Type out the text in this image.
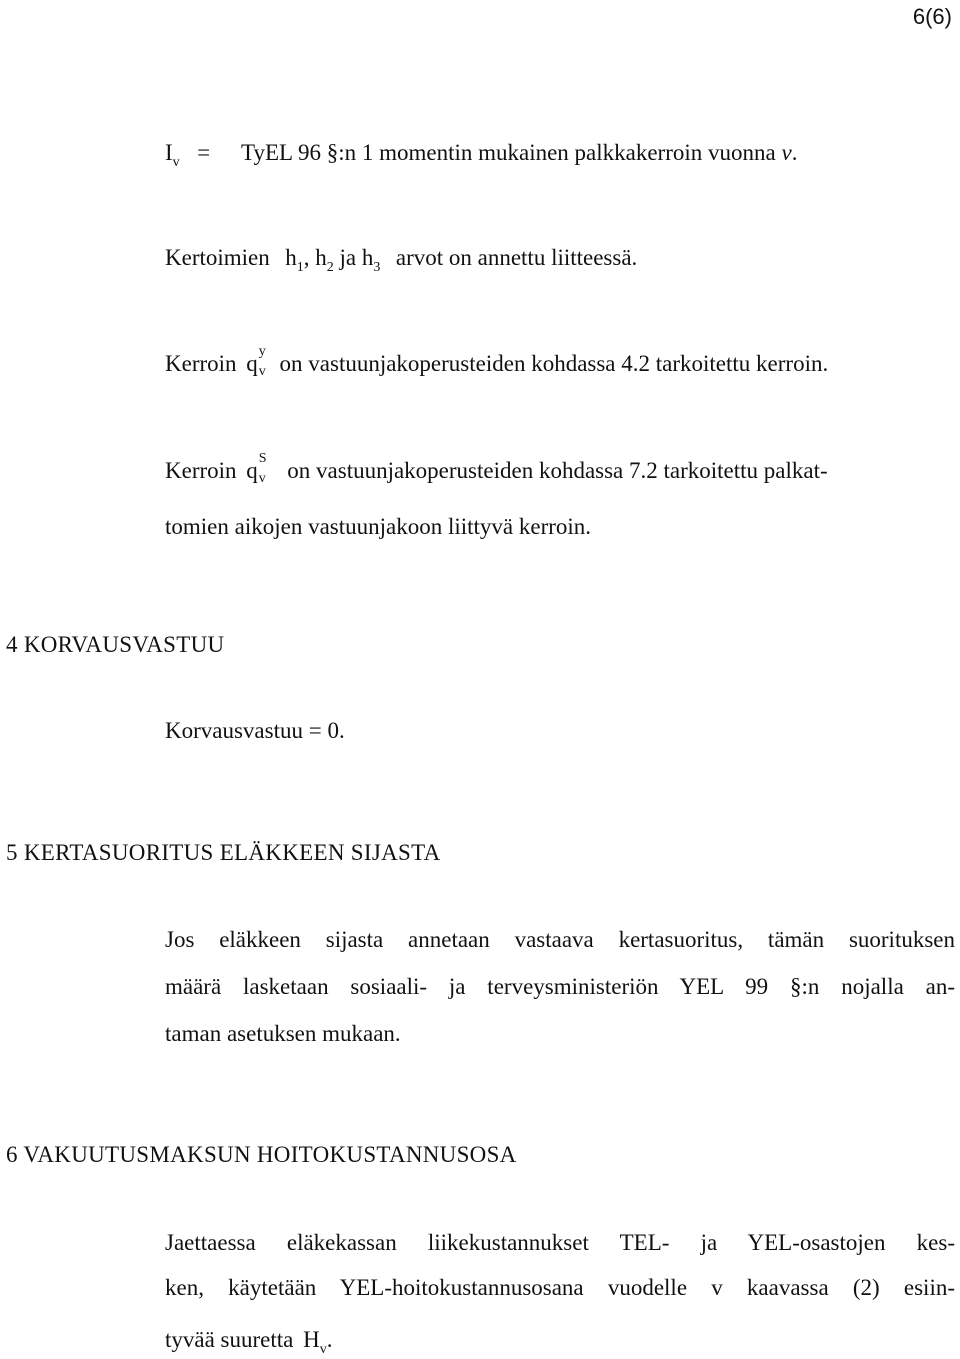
6(6)
$I_v$ = TyEL 96 §:n 1 momentin mukainen palkkakerroin vuonna v.
Kertoimien $h_1$, $h_2$ ja $h_3$ arvot on annettu liitteessä.
Kerroin q y
v on vastuunjakoperusteiden kohdassa 4.2 tarkoitettu kerroin.
Kerroin q S
v on vastuunjakoperusteiden kohdassa 7.2 tarkoitettu palkat-
tomien aikojen vastuunjakoon liittyvä kerroin.
4 KORVAUSVASTUU
Korvausvastuu = 0.
5 KERTASUORITUS ELÄKKEEN SIJASTA
Jos eläkkeen sijasta annetaan vastaava kertasuoritus, tämän suorituksen
määrä lasketaan sosiaali- ja terveysministeriön YEL 99 §:n nojalla an-
taman asetuksen mukaan.
6 VAKUUTUSMAKSUN HOITOKUSTANNUSOSA
Jaettaessa eläkekassan liikekustannukset TEL- ja YEL-osastojen kes-
ken, käytetään YEL-hoitokustannusosana vuodelle v kaavassa (2) esiin-
tyvää suuretta $H_v$.
